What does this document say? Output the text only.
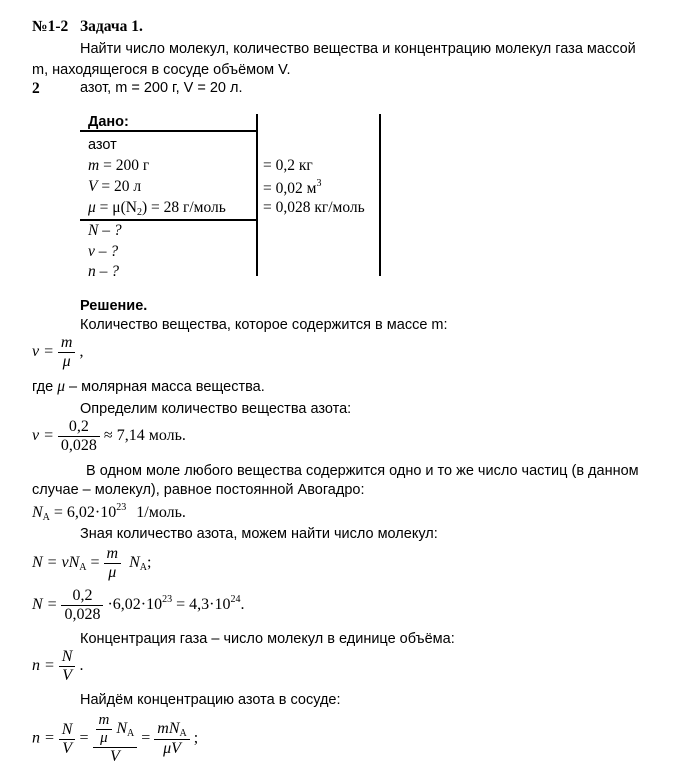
№1-2 Задача 1.
Найти число молекул, количество вещества и концентрацию молекул газа массой
m, находящегося в сосуде объёмом V.
2	азот, m = 200 г, V = 20 л.
Дано:
азот
m = 200 г
V = 20 л
$\mu = \mu(N_2) = 28$ г/моль
N – ?
ν – ?
n – ?
= 0,2 кг
= 0,02 $м^3$
= 0,028 кг/моль
Решение.
Количество вещества, которое содержится в массе m:
$\nu = \frac{m}{\mu}$ ,
где μ – молярная масса вещества.
Определим количество вещества азота:
$\nu = \frac{0,2}{0,028} \approx 7,14$ моль.
В одном моле любого вещества содержится одно и то же число частиц (в данном
случае – молекул), равное постоянной Авогадро:
$N_A = 6,02\cdot 10^{23}$ 1/моль.
Зная количество азота, можем найти число молекул:
$N = \nu N_A = \frac{m}{\mu} N_A$;
$N = \frac{0,2}{0,028} \cdot 6,02\cdot 10^{23} = 4,3\cdot 10^{24}$.
Концентрация газа – число молекул в единице объёма:
$n = \frac{N}{V}$ .
Найдём концентрацию азота в сосуде:
$n = \frac{N}{V} = \frac{\frac{m}{\mu} N_A}{V} = \frac{mN_A}{\mu V}$ ;
